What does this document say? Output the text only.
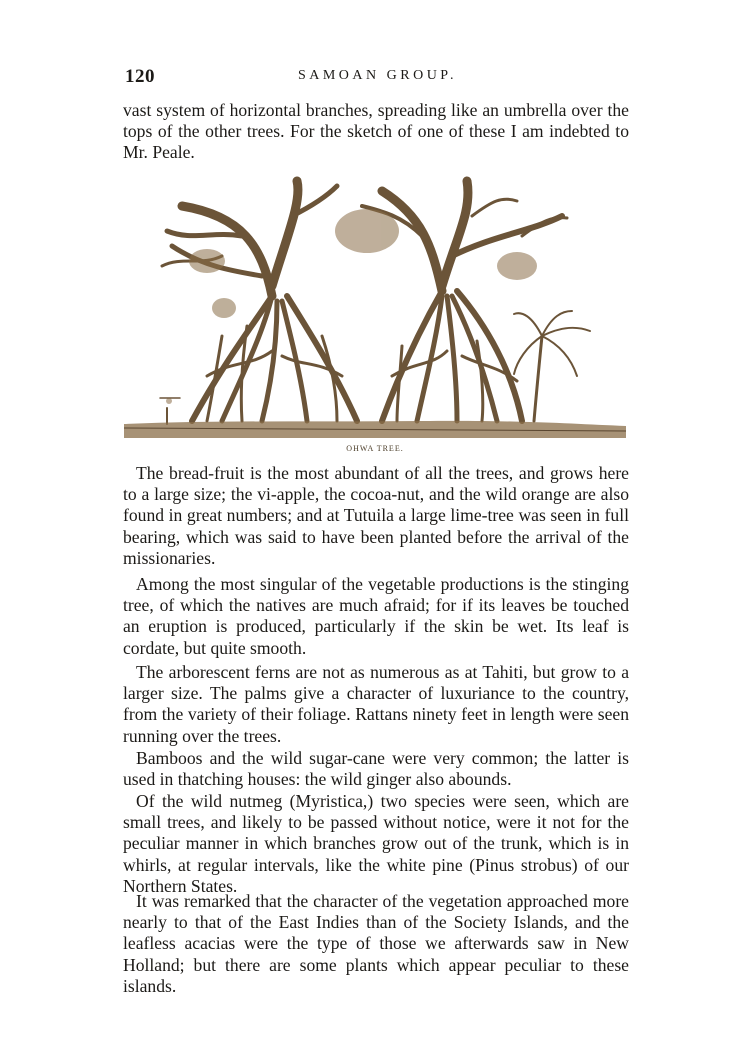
120	SAMOAN GROUP.

vast system of horizontal branches, spreading like an umbrella over the tops of the other trees. For the sketch of one of these I am indebted to Mr. Peale.

OHWA TREE.

The bread-fruit is the most abundant of all the trees, and grows here to a large size; the vi-apple, the cocoa-nut, and the wild orange are also found in great numbers; and at Tutuila a large lime-tree was seen in full bearing, which was said to have been planted before the arrival of the missionaries.

Among the most singular of the vegetable productions is the stinging tree, of which the natives are much afraid; for if its leaves be touched an eruption is produced, particularly if the skin be wet. Its leaf is cordate, but quite smooth.

The arborescent ferns are not as numerous as at Tahiti, but grow to a larger size. The palms give a character of luxuriance to the country, from the variety of their foliage. Rattans ninety feet in length were seen running over the trees.

Bamboos and the wild sugar-cane were very common; the latter is used in thatching houses: the wild ginger also abounds.

Of the wild nutmeg (Myristica,) two species were seen, which are small trees, and likely to be passed without notice, were it not for the peculiar manner in which branches grow out of the trunk, which is in whirls, at regular intervals, like the white pine (Pinus strobus) of our Northern States.

It was remarked that the character of the vegetation approached more nearly to that of the East Indies than of the Society Islands, and the leafless acacias were the type of those we afterwards saw in New Holland; but there are some plants which appear peculiar to these islands.
